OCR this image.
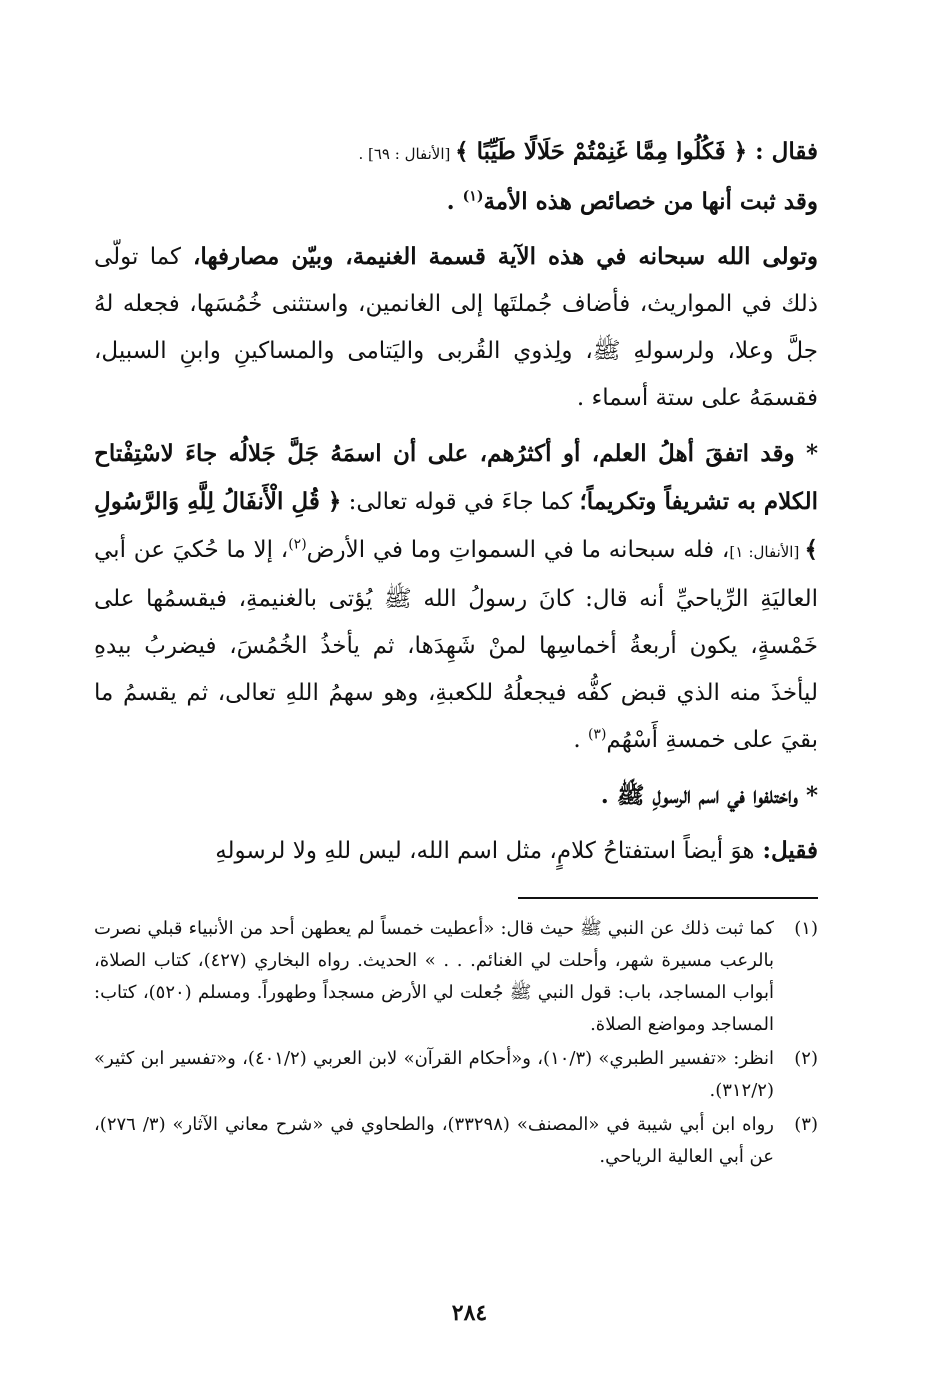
فقال : ﴿ فَكُلُوا مِمَّا غَنِمْتُمْ حَلَالًا طَيِّبًا ﴾ [الأنفال : ٦٩] .

وقد ثبت أنها من خصائص هذه الأمة$^{(١)}$ .

وتولى الله سبحانه في هذه الآية قسمة الغنيمة، وبيّن مصارفها، كما تولّى ذلك في المواريث، فأضاف جُملتَها إلى الغانمين، واستثنى خُمُسَها، فجعله لهُ جلَّ وعلا، ولرسولهِ ﷺ، ولِذوي القُربى واليَتامى والمساكينِ وابنِ السبيل، فقسمَهُ على ستة أسماء .

* وقد اتفقَ أهلُ العلم، أو أكثرُهم، على أن اسمَهُ جَلَّ جَلالُه جاءَ لاسْتِفْتاح الكلام به تشريفاً وتكريماً؛ كما جاءَ في قوله تعالى: ﴿ قُلِ الْأَنفَالُ لِلَّهِ وَالرَّسُولِ ﴾ [الأنفال: ١]، فله سبحانه ما في السمواتِ وما في الأرض$^{(٢)}$، إلا ما حُكيَ عن أبي العاليَةِ الرِّياحيِّ أنه قال: كانَ رسولُ الله ﷺ يُؤتى بالغنيمةِ، فيقسمُها على خَمْسةٍ، يكون أربعةُ أخماسِها لمنْ شَهِدَها، ثم يأخذُ الخُمُسَ، فيضربُ بيدهِ ليأخذَ منه الذي قبض كفُّه فيجعلُهُ للكعبةِ، وهو سهمُ اللهِ تعالى، ثم يقسمُ ما بقيَ على خمسةِ أَسْهُم$^{(٣)}$ .

* واختلفوا في اسم الرسولِ ﷺ .

فقيل: هوَ أيضاً استفتاحُ كلامٍ، مثل اسم الله، ليس للهِ ولا لرسولهِ

(١)
كما ثبت ذلك عن النبي ﷺ حيث قال: «أعطيت خمساً لم يعطهن أحد من الأنبياء قبلي نصرت بالرعب مسيرة شهر، وأحلت لي الغنائم. . . » الحديث. رواه البخاري (٤٢٧)، كتاب الصلاة، أبواب المساجد، باب: قول النبي ﷺ جُعلت لي الأرض مسجداً وطهوراً. ومسلم (٥٢٠)، كتاب: المساجد ومواضع الصلاة.
(٢)
انظر: «تفسير الطبري» (١٠/٣)، و«أحكام القرآن» لابن العربي (٤٠١/٢)، و«تفسير ابن كثير» (٣١٢/٢).
(٣)
رواه ابن أبي شيبة في «المصنف» (٣٣٢٩٨)، والطحاوي في «شرح معاني الآثار» (٣/ ٢٧٦)، عن أبي العالية الرياحي.
٢٨٤
